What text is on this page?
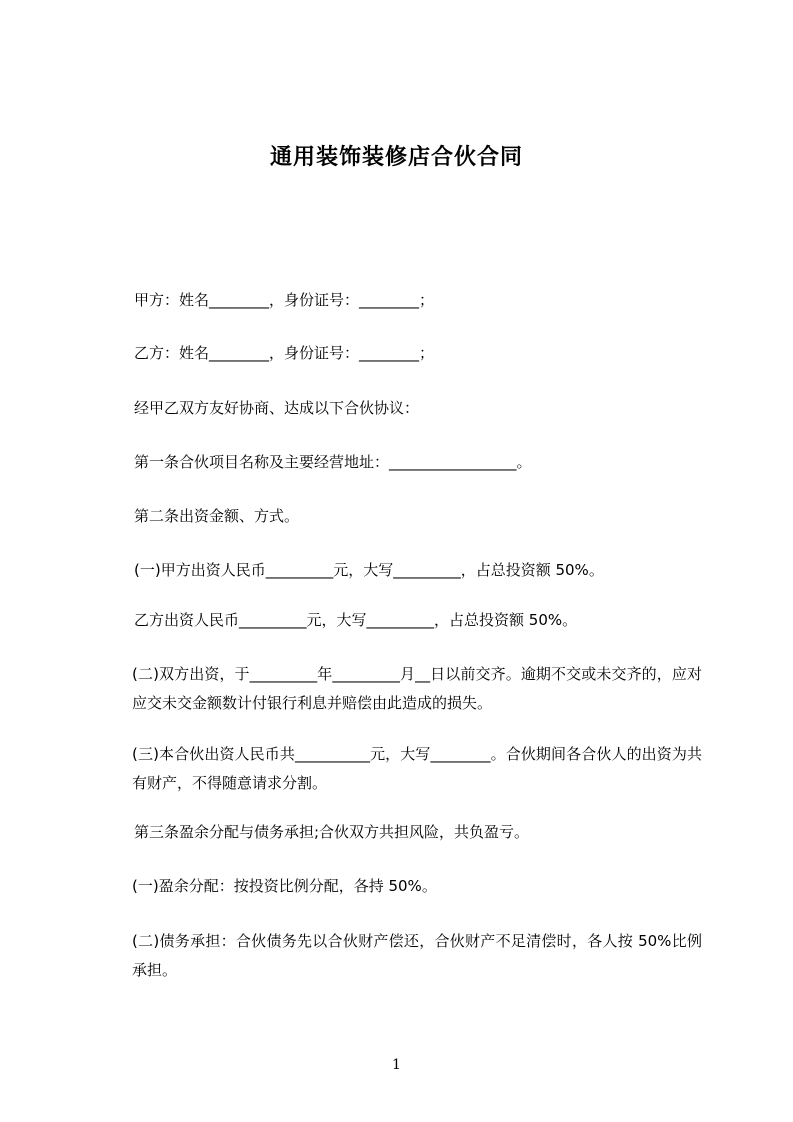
通用装饰装修店合伙合同
甲方：姓名________，身份证号：________；
乙方：姓名________，身份证号：________；
经甲乙双方友好协商、达成以下合伙协议：
第一条合伙项目名称及主要经营地址：_________________。
第二条出资金额、方式。
(一)甲方出资人民币_________元，大写_________，占总投资额 50%。
乙方出资人民币_________元，大写_________，占总投资额 50%。
(二)双方出资，于_________年_________月__日以前交齐。逾期不交或未交齐的，应对应交未交金额数计付银行利息并赔偿由此造成的损失。
(三)本合伙出资人民币共__________元，大写________。合伙期间各合伙人的出资为共有财产，不得随意请求分割。
第三条盈余分配与债务承担;合伙双方共担风险，共负盈亏。
(一)盈余分配：按投资比例分配，各持 50%。
(二)债务承担：合伙债务先以合伙财产偿还，合伙财产不足清偿时，各人按 50%比例承担。
1
